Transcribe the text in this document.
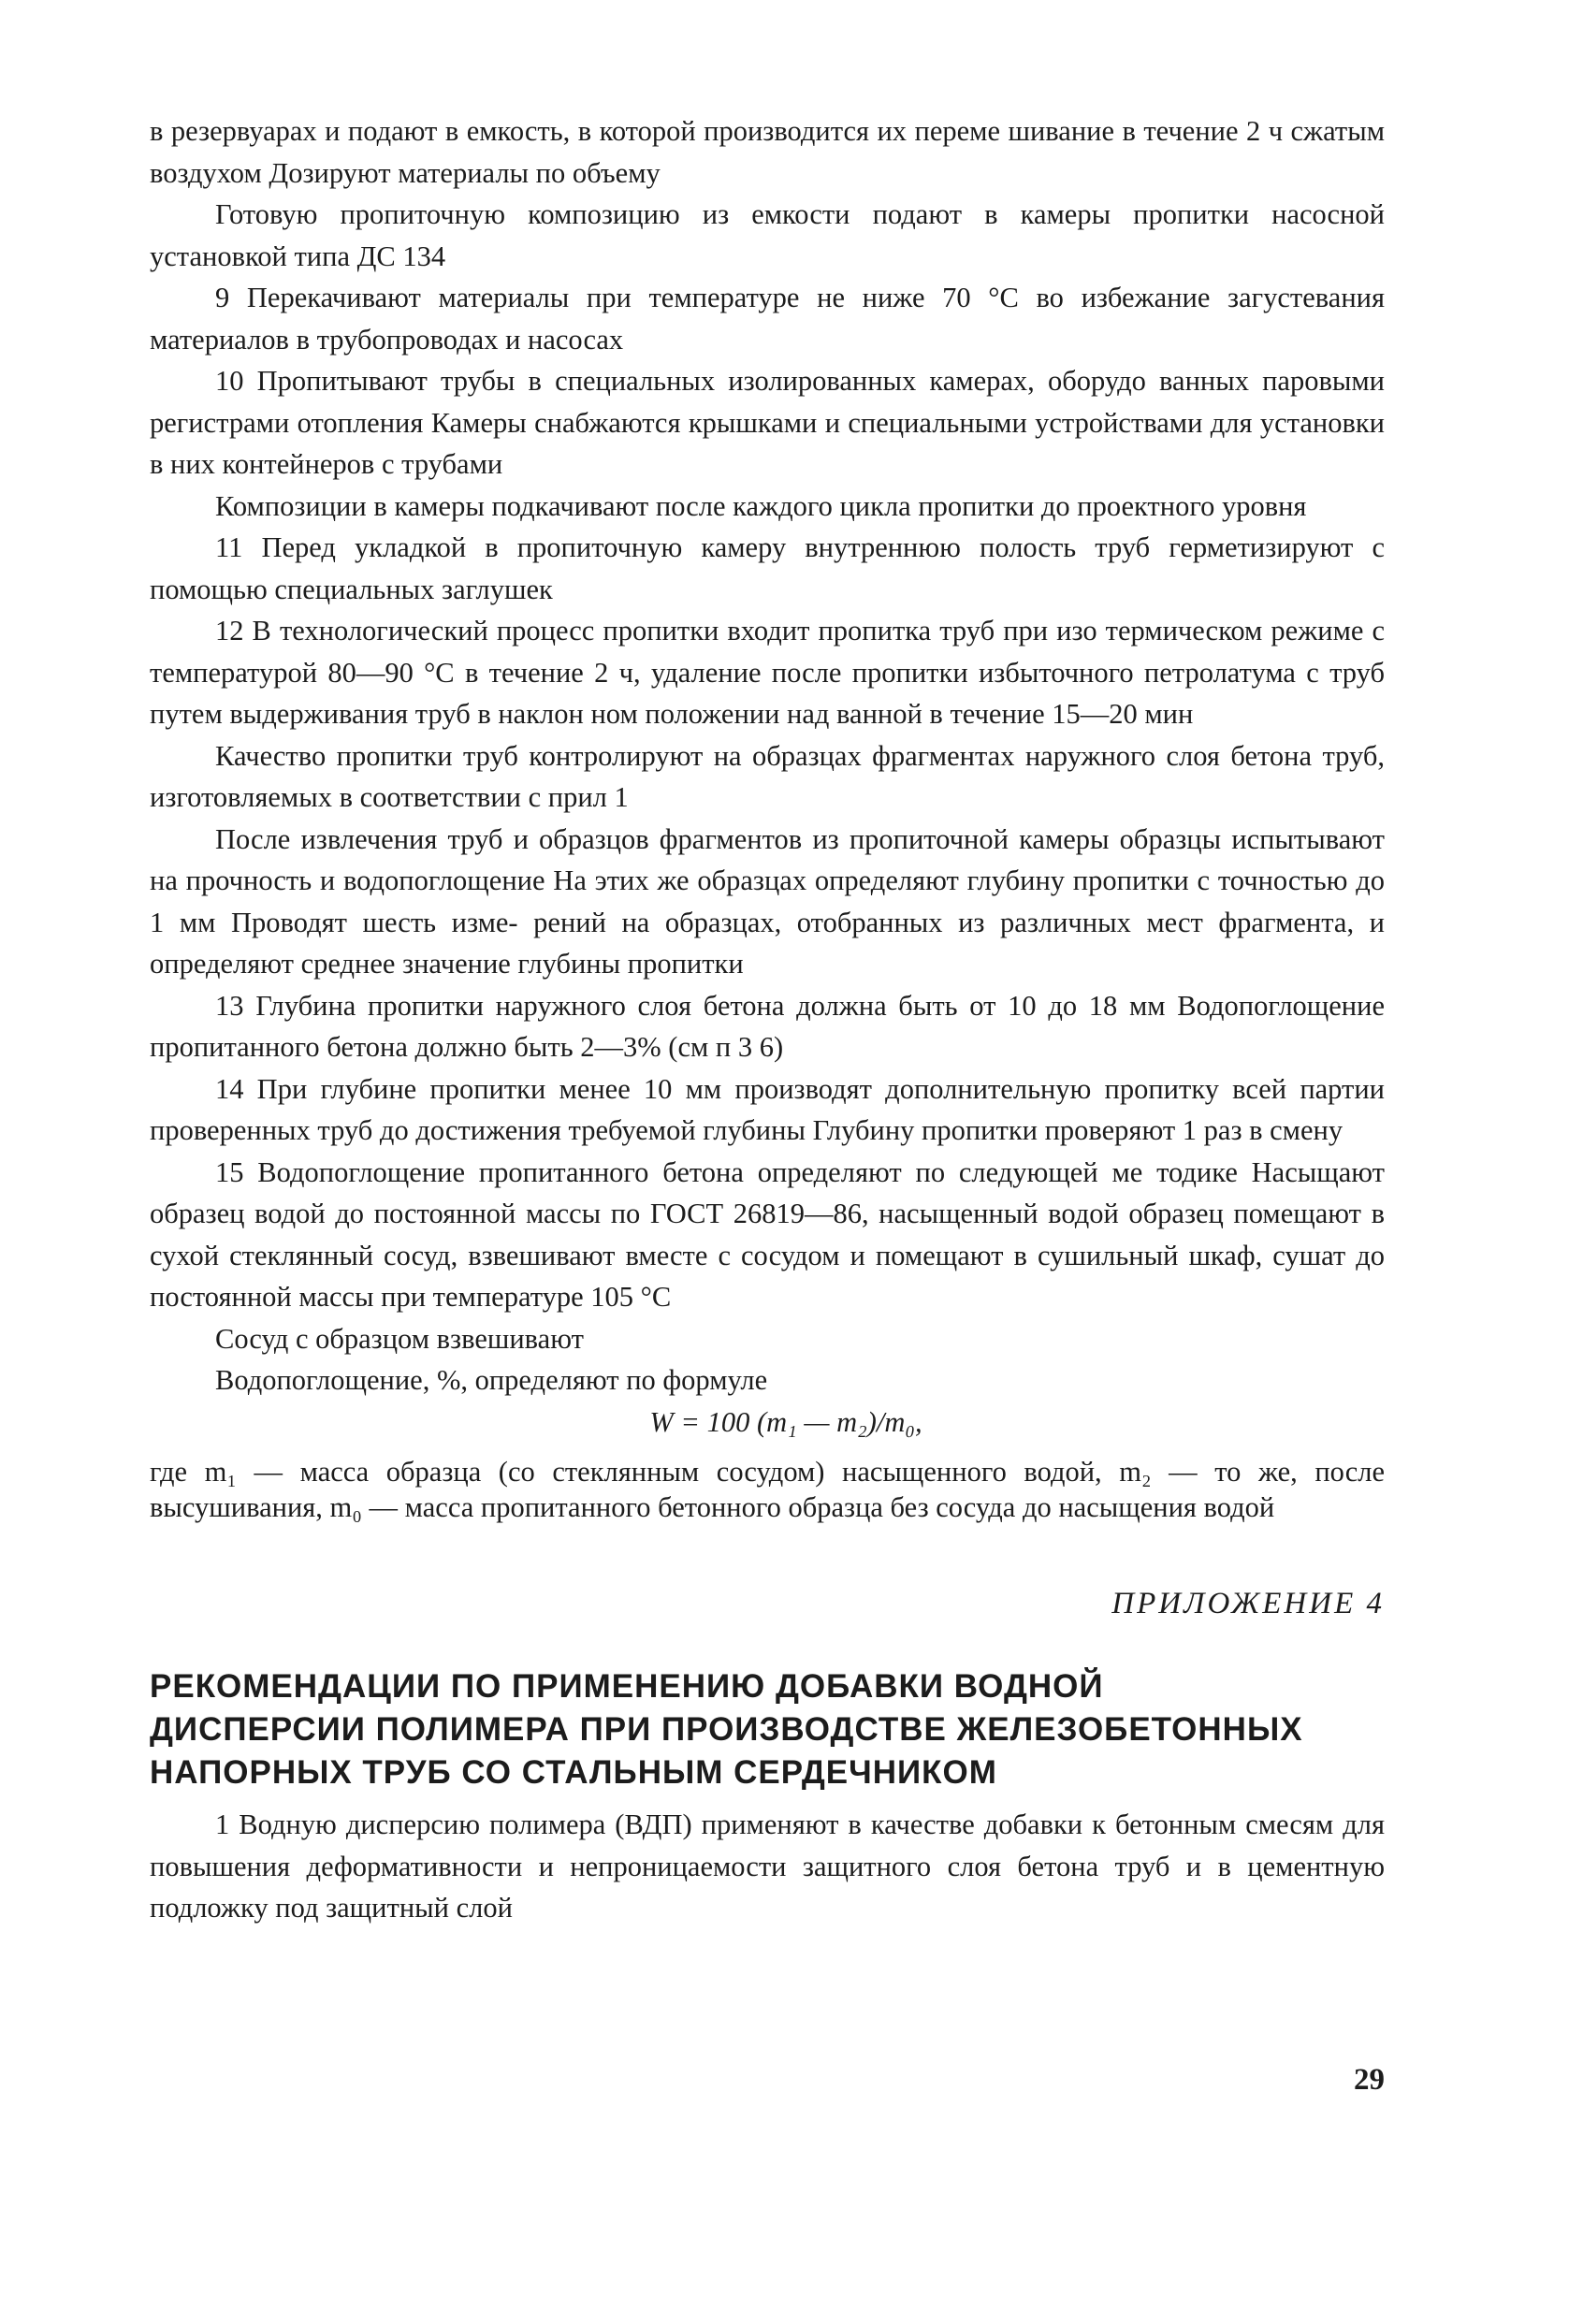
в резервуарах и подают в емкость, в которой производится их переме шивание в течение 2 ч сжатым воздухом Дозируют материалы по объему

Готовую пропиточную композицию из емкости подают в камеры пропитки насосной установкой типа ДС 134

9 Перекачивают материалы при температуре не ниже 70 °С во избежание загустевания материалов в трубопроводах и насосах

10 Пропитывают трубы в специальных изолированных камерах, оборудо ванных паровыми регистрами отопления Камеры снабжаются крышками и специальными устройствами для установки в них контейнеров с трубами

Композиции в камеры подкачивают после каждого цикла пропитки до проектного уровня

11 Перед укладкой в пропиточную камеру внутреннюю полость труб герметизируют с помощью специальных заглушек

12 В технологический процесс пропитки входит пропитка труб при изо термическом режиме с температурой 80—90 °С в течение 2 ч, удаление после пропитки избыточного петролатума с труб путем выдерживания труб в наклон ном положении над ванной в течение 15—20 мин

Качество пропитки труб контролируют на образцах фрагментах наружного слоя бетона труб, изготовляемых в соответствии с прил 1

После извлечения труб и образцов фрагментов из пропиточной камеры образцы испытывают на прочность и водопоглощение На этих же образцах определяют глубину пропитки с точностью до 1 мм Проводят шесть изме- рений на образцах, отобранных из различных мест фрагмента, и определяют среднее значение глубины пропитки

13 Глубина пропитки наружного слоя бетона должна быть от 10 до 18 мм Водопоглощение пропитанного бетона должно быть 2—3% (см п 3 6)

14 При глубине пропитки менее 10 мм производят дополнительную пропитку всей партии проверенных труб до достижения требуемой глубины Глубину пропитки проверяют 1 раз в смену

15 Водопоглощение пропитанного бетона определяют по следующей ме тодике Насыщают образец водой до постоянной массы по ГОСТ 26819—86, насыщенный водой образец помещают в сухой стеклянный сосуд, взвешивают вместе с сосудом и помещают в сушильный шкаф, сушат до постоянной массы при температуре 105 °С

Сосуд с образцом взвешивают

Водопоглощение, %, определяют по формуле

W = 100 (m₁ — m₂)/m₀,

где m₁ — масса образца (со стеклянным сосудом) насыщенного водой, m₂ — то же, после высушивания, m₀ — масса пропитанного бетонного образца без сосуда до насыщения водой

ПРИЛОЖЕНИЕ 4
РЕКОМЕНДАЦИИ ПО ПРИМЕНЕНИЮ ДОБАВКИ ВОДНОЙ
ДИСПЕРСИИ ПОЛИМЕРА ПРИ ПРОИЗВОДСТВЕ ЖЕЛЕЗОБЕТОННЫХ
НАПОРНЫХ ТРУБ СО СТАЛЬНЫМ СЕРДЕЧНИКОМ

1 Водную дисперсию полимера (ВДП) применяют в качестве добавки к бетонным смесям для повышения деформативности и непроницаемости защитного слоя бетона труб и в цементную подложку под защитный слой

29
